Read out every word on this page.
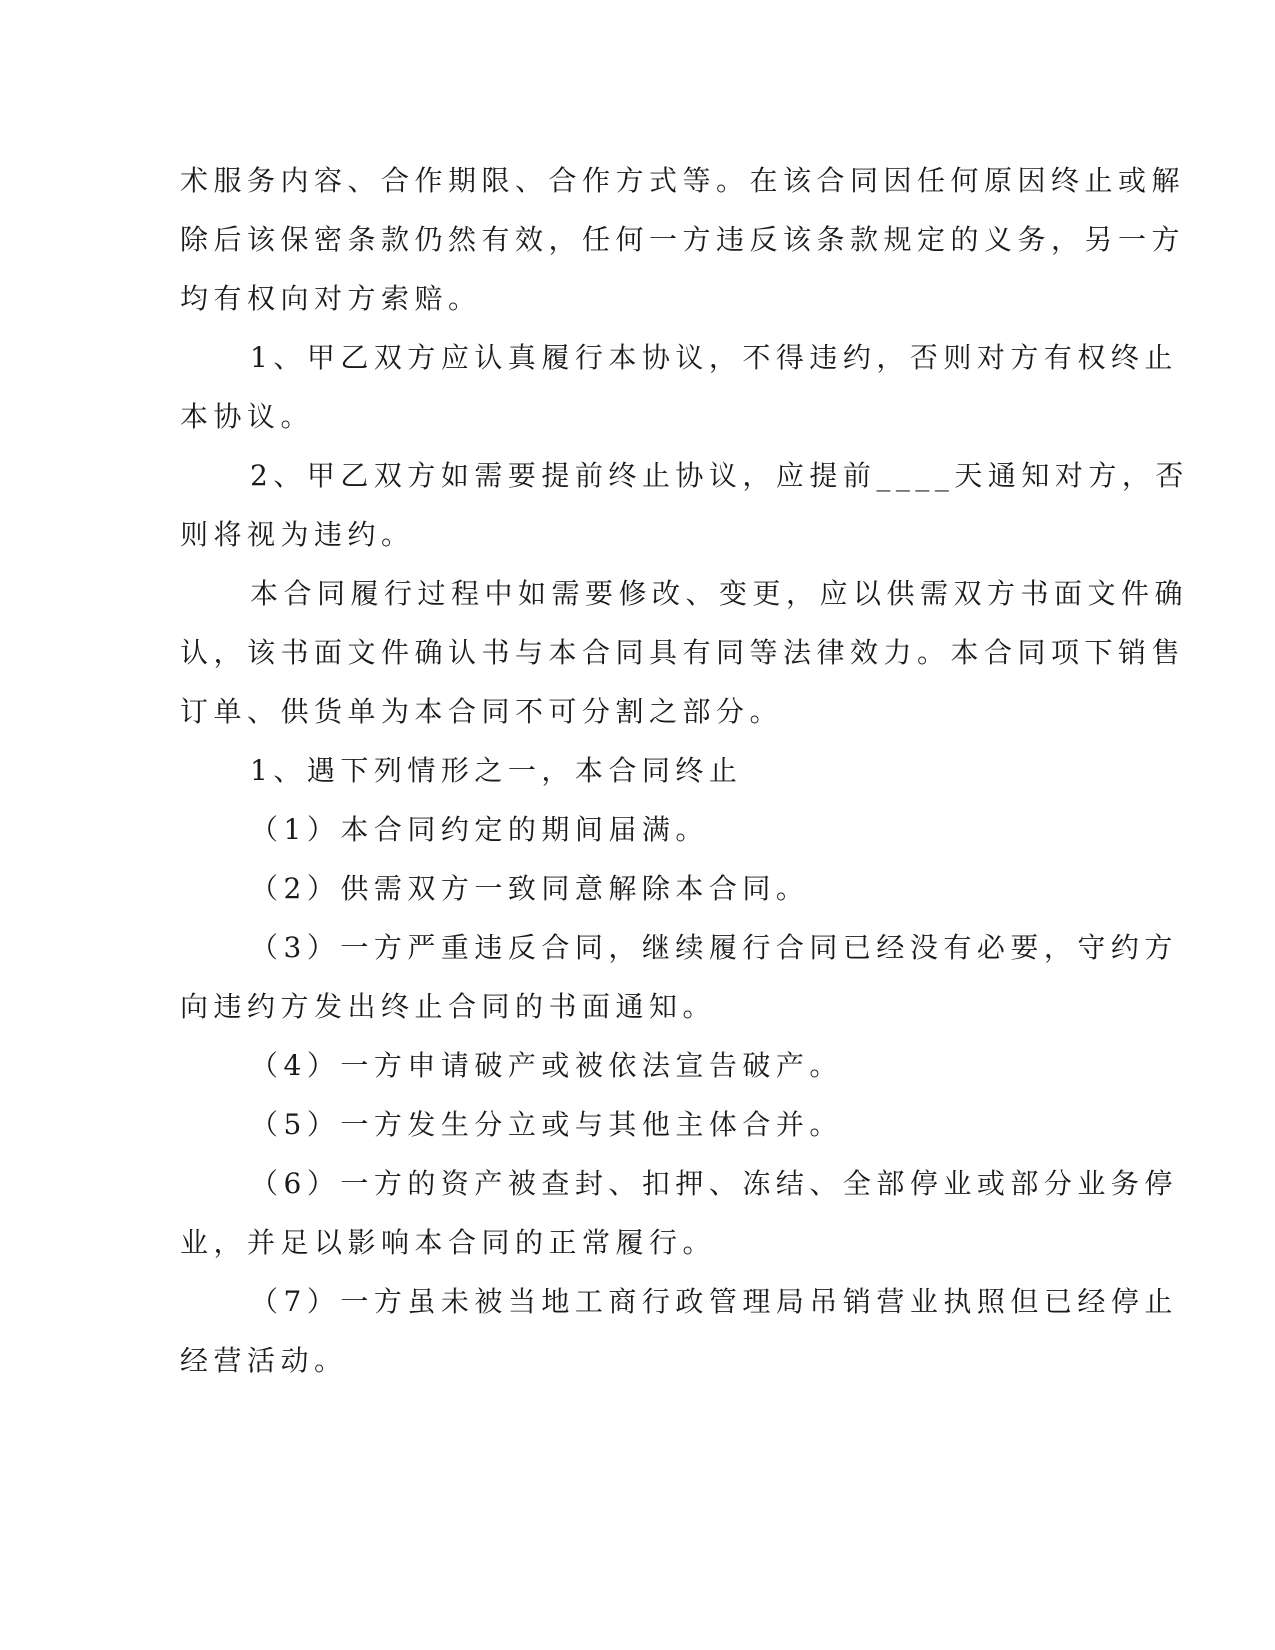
术服务内容、合作期限、合作方式等。在该合同因任何原因终止或解
除后该保密条款仍然有效，任何一方违反该条款规定的义务，另一方
均有权向对方索赔。
1、甲乙双方应认真履行本协议，不得违约，否则对方有权终止
本协议。
2、甲乙双方如需要提前终止协议，应提前____天通知对方，否
则将视为违约。
本合同履行过程中如需要修改、变更，应以供需双方书面文件确
认，该书面文件确认书与本合同具有同等法律效力。本合同项下销售
订单、供货单为本合同不可分割之部分。
1、遇下列情形之一，本合同终止
（1）本合同约定的期间届满。
（2）供需双方一致同意解除本合同。
（3）一方严重违反合同，继续履行合同已经没有必要，守约方
向违约方发出终止合同的书面通知。
（4）一方申请破产或被依法宣告破产。
（5）一方发生分立或与其他主体合并。
（6）一方的资产被查封、扣押、冻结、全部停业或部分业务停
业，并足以影响本合同的正常履行。
（7）一方虽未被当地工商行政管理局吊销营业执照但已经停止
经营活动。
